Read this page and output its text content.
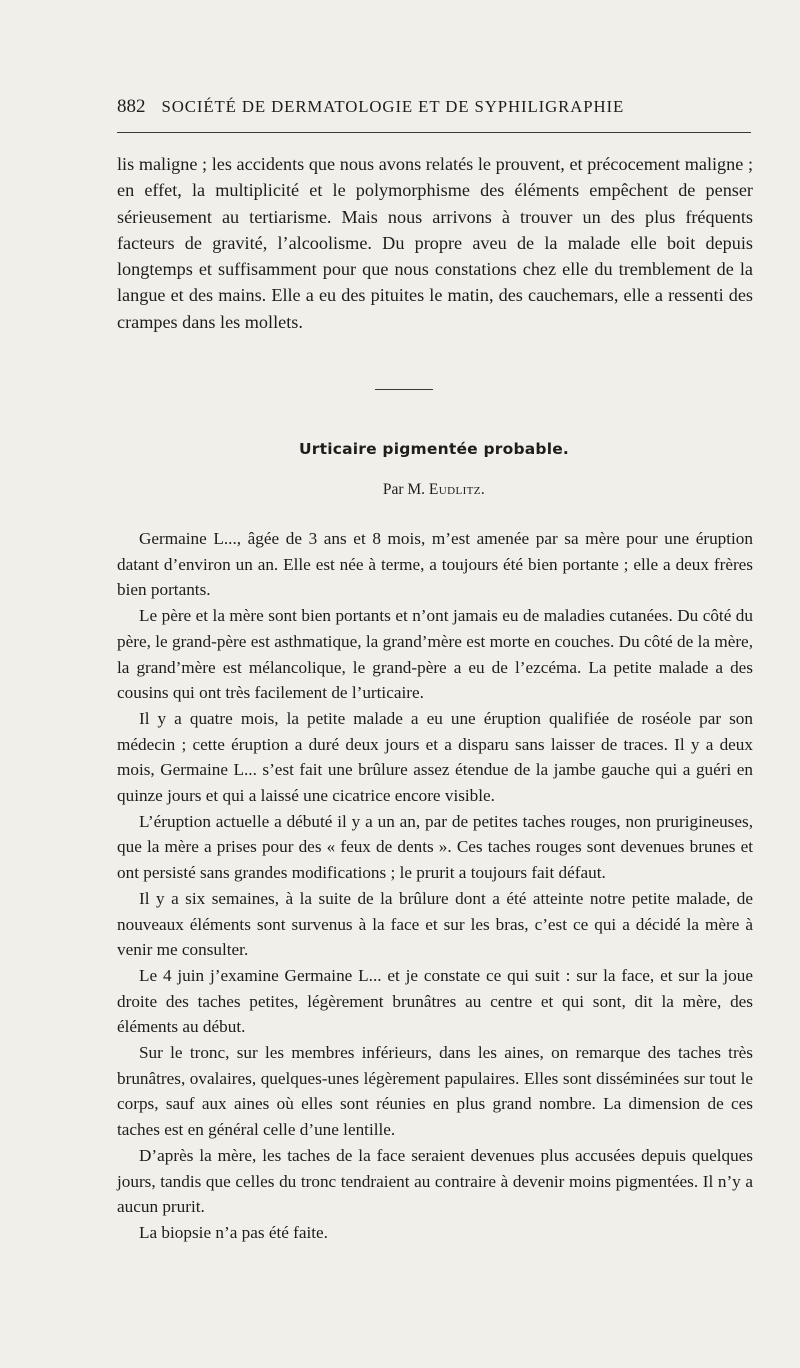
882 SOCIÉTÉ DE DERMATOLOGIE ET DE SYPHILIGRAPHIE

lis maligne ; les accidents que nous avons relatés le prouvent, et précocement maligne ; en effet, la multiplicité et le polymorphisme des éléments empêchent de penser sérieusement au tertiarisme. Mais nous arrivons à trouver un des plus fréquents facteurs de gravité, l’alcoolisme. Du propre aveu de la malade elle boit depuis longtemps et suffisamment pour que nous constations chez elle du tremblement de la langue et des mains. Elle a eu des pituites le matin, des cauchemars, elle a ressenti des crampes dans les mollets.

Urticaire pigmentée probable.
Par M. Eudlitz.

Germaine L..., âgée de 3 ans et 8 mois, m’est amenée par sa mère pour une éruption datant d’environ un an. Elle est née à terme, a toujours été bien portante ; elle a deux frères bien portants.

Le père et la mère sont bien portants et n’ont jamais eu de maladies cutanées. Du côté du père, le grand-père est asthmatique, la grand’mère est morte en couches. Du côté de la mère, la grand’mère est mélancolique, le grand-père a eu de l’ezcéma. La petite malade a des cousins qui ont très facilement de l’urticaire.

Il y a quatre mois, la petite malade a eu une éruption qualifiée de roséole par son médecin ; cette éruption a duré deux jours et a disparu sans laisser de traces. Il y a deux mois, Germaine L... s’est fait une brûlure assez étendue de la jambe gauche qui a guéri en quinze jours et qui a laissé une cicatrice encore visible.

L’éruption actuelle a débuté il y a un an, par de petites taches rouges, non prurigineuses, que la mère a prises pour des « feux de dents ». Ces taches rouges sont devenues brunes et ont persisté sans grandes modifications ; le prurit a toujours fait défaut.

Il y a six semaines, à la suite de la brûlure dont a été atteinte notre petite malade, de nouveaux éléments sont survenus à la face et sur les bras, c’est ce qui a décidé la mère à venir me consulter.

Le 4 juin j’examine Germaine L... et je constate ce qui suit : sur la face, et sur la joue droite des taches petites, légèrement brunâtres au centre et qui sont, dit la mère, des éléments au début.

Sur le tronc, sur les membres inférieurs, dans les aines, on remarque des taches très brunâtres, ovalaires, quelques-unes légèrement papulaires. Elles sont disséminées sur tout le corps, sauf aux aines où elles sont réunies en plus grand nombre. La dimension de ces taches est en général celle d’une lentille.

D’après la mère, les taches de la face seraient devenues plus accusées depuis quelques jours, tandis que celles du tronc tendraient au contraire à devenir moins pigmentées. Il n’y a aucun prurit.

La biopsie n’a pas été faite.
